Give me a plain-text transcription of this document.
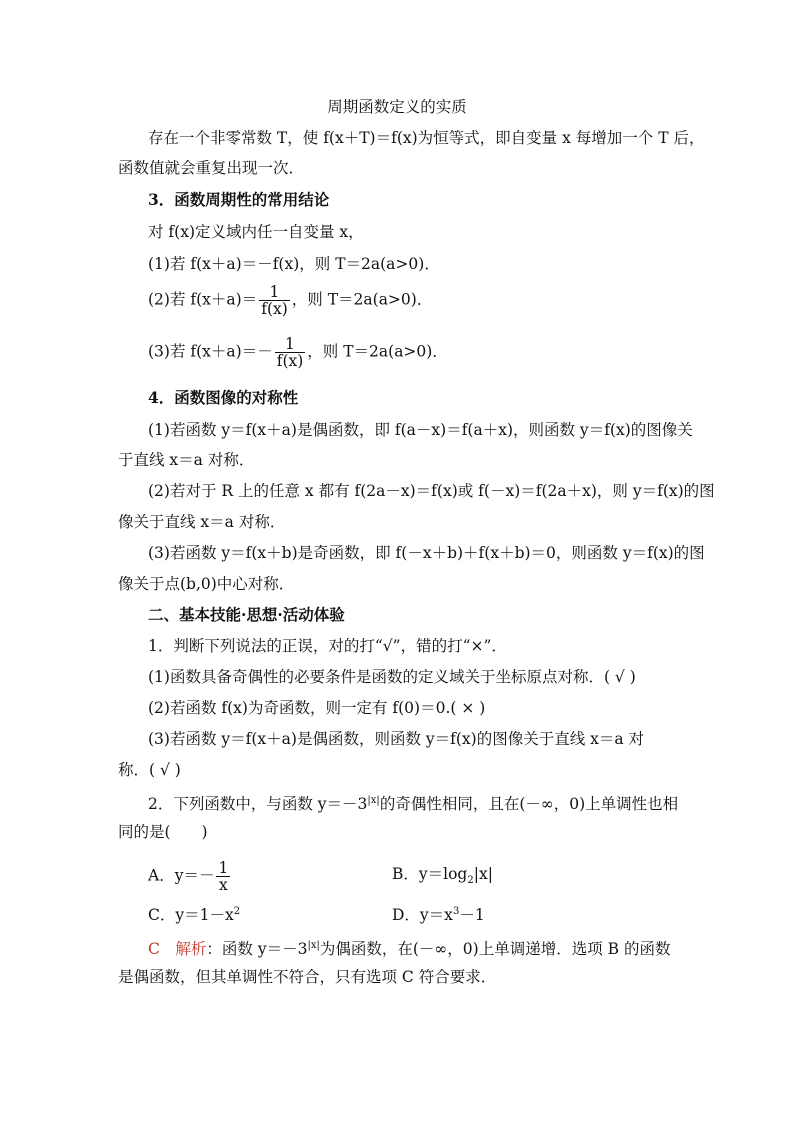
周期函数定义的实质
存在一个非零常数 T，使 f(x＋T)＝f(x)为恒等式，即自变量 x 每增加一个 T 后，
函数值就会重复出现一次．
3．函数周期性的常用结论
对 f(x)定义域内任一自变量 x，
(1)若 f(x＋a)＝－f(x)，则 T＝2a(a>0)．
(2)若 $f(x+a)= \frac{1}{f(x)}$ ，则 T＝2a(a>0)．
(3)若 $f(x+a)=- \frac{1}{f(x)}$ ，则 T＝2a(a>0)．
4．函数图像的对称性
(1)若函数 y＝f(x＋a)是偶函数，即 f(a－x)＝f(a＋x)，则函数 y＝f(x)的图像关
于直线 x＝a 对称．
(2)若对于 R 上的任意 x 都有 f(2a－x)＝f(x)或 f(－x)＝f(2a＋x)，则 y＝f(x)的图
像关于直线 x＝a 对称．
(3)若函数 y＝f(x＋b)是奇函数，即 f(－x＋b)＋f(x＋b)＝0，则函数 y＝f(x)的图
像关于点(b,0)中心对称．
二、基本技能·思想·活动体验
1．判断下列说法的正误，对的打“√”，错的打“×”．
(1)函数具备奇偶性的必要条件是函数的定义域关于坐标原点对称．( √ )
(2)若函数 f(x)为奇函数，则一定有 f(0)＝0.( × )
(3)若函数 y＝f(x＋a)是偶函数，则函数 y＝f(x)的图像关于直线 x＝a 对
称．( √ )
2．下列函数中，与函数 $y=-3^{|x|}$的奇偶性相同，且在(－∞，0)上单调性也相
同的是(　　)
A．$y=- \frac{1}{x}$	B．$y=\log_2|x|$
C．$y=1-x^2$	D．$y=x^3-1$
C　 解析：函数 $y=-3^{|x|}$为偶函数，在(－∞，0)上单调递增．选项 B 的函数
是偶函数，但其单调性不符合，只有选项 C 符合要求．
